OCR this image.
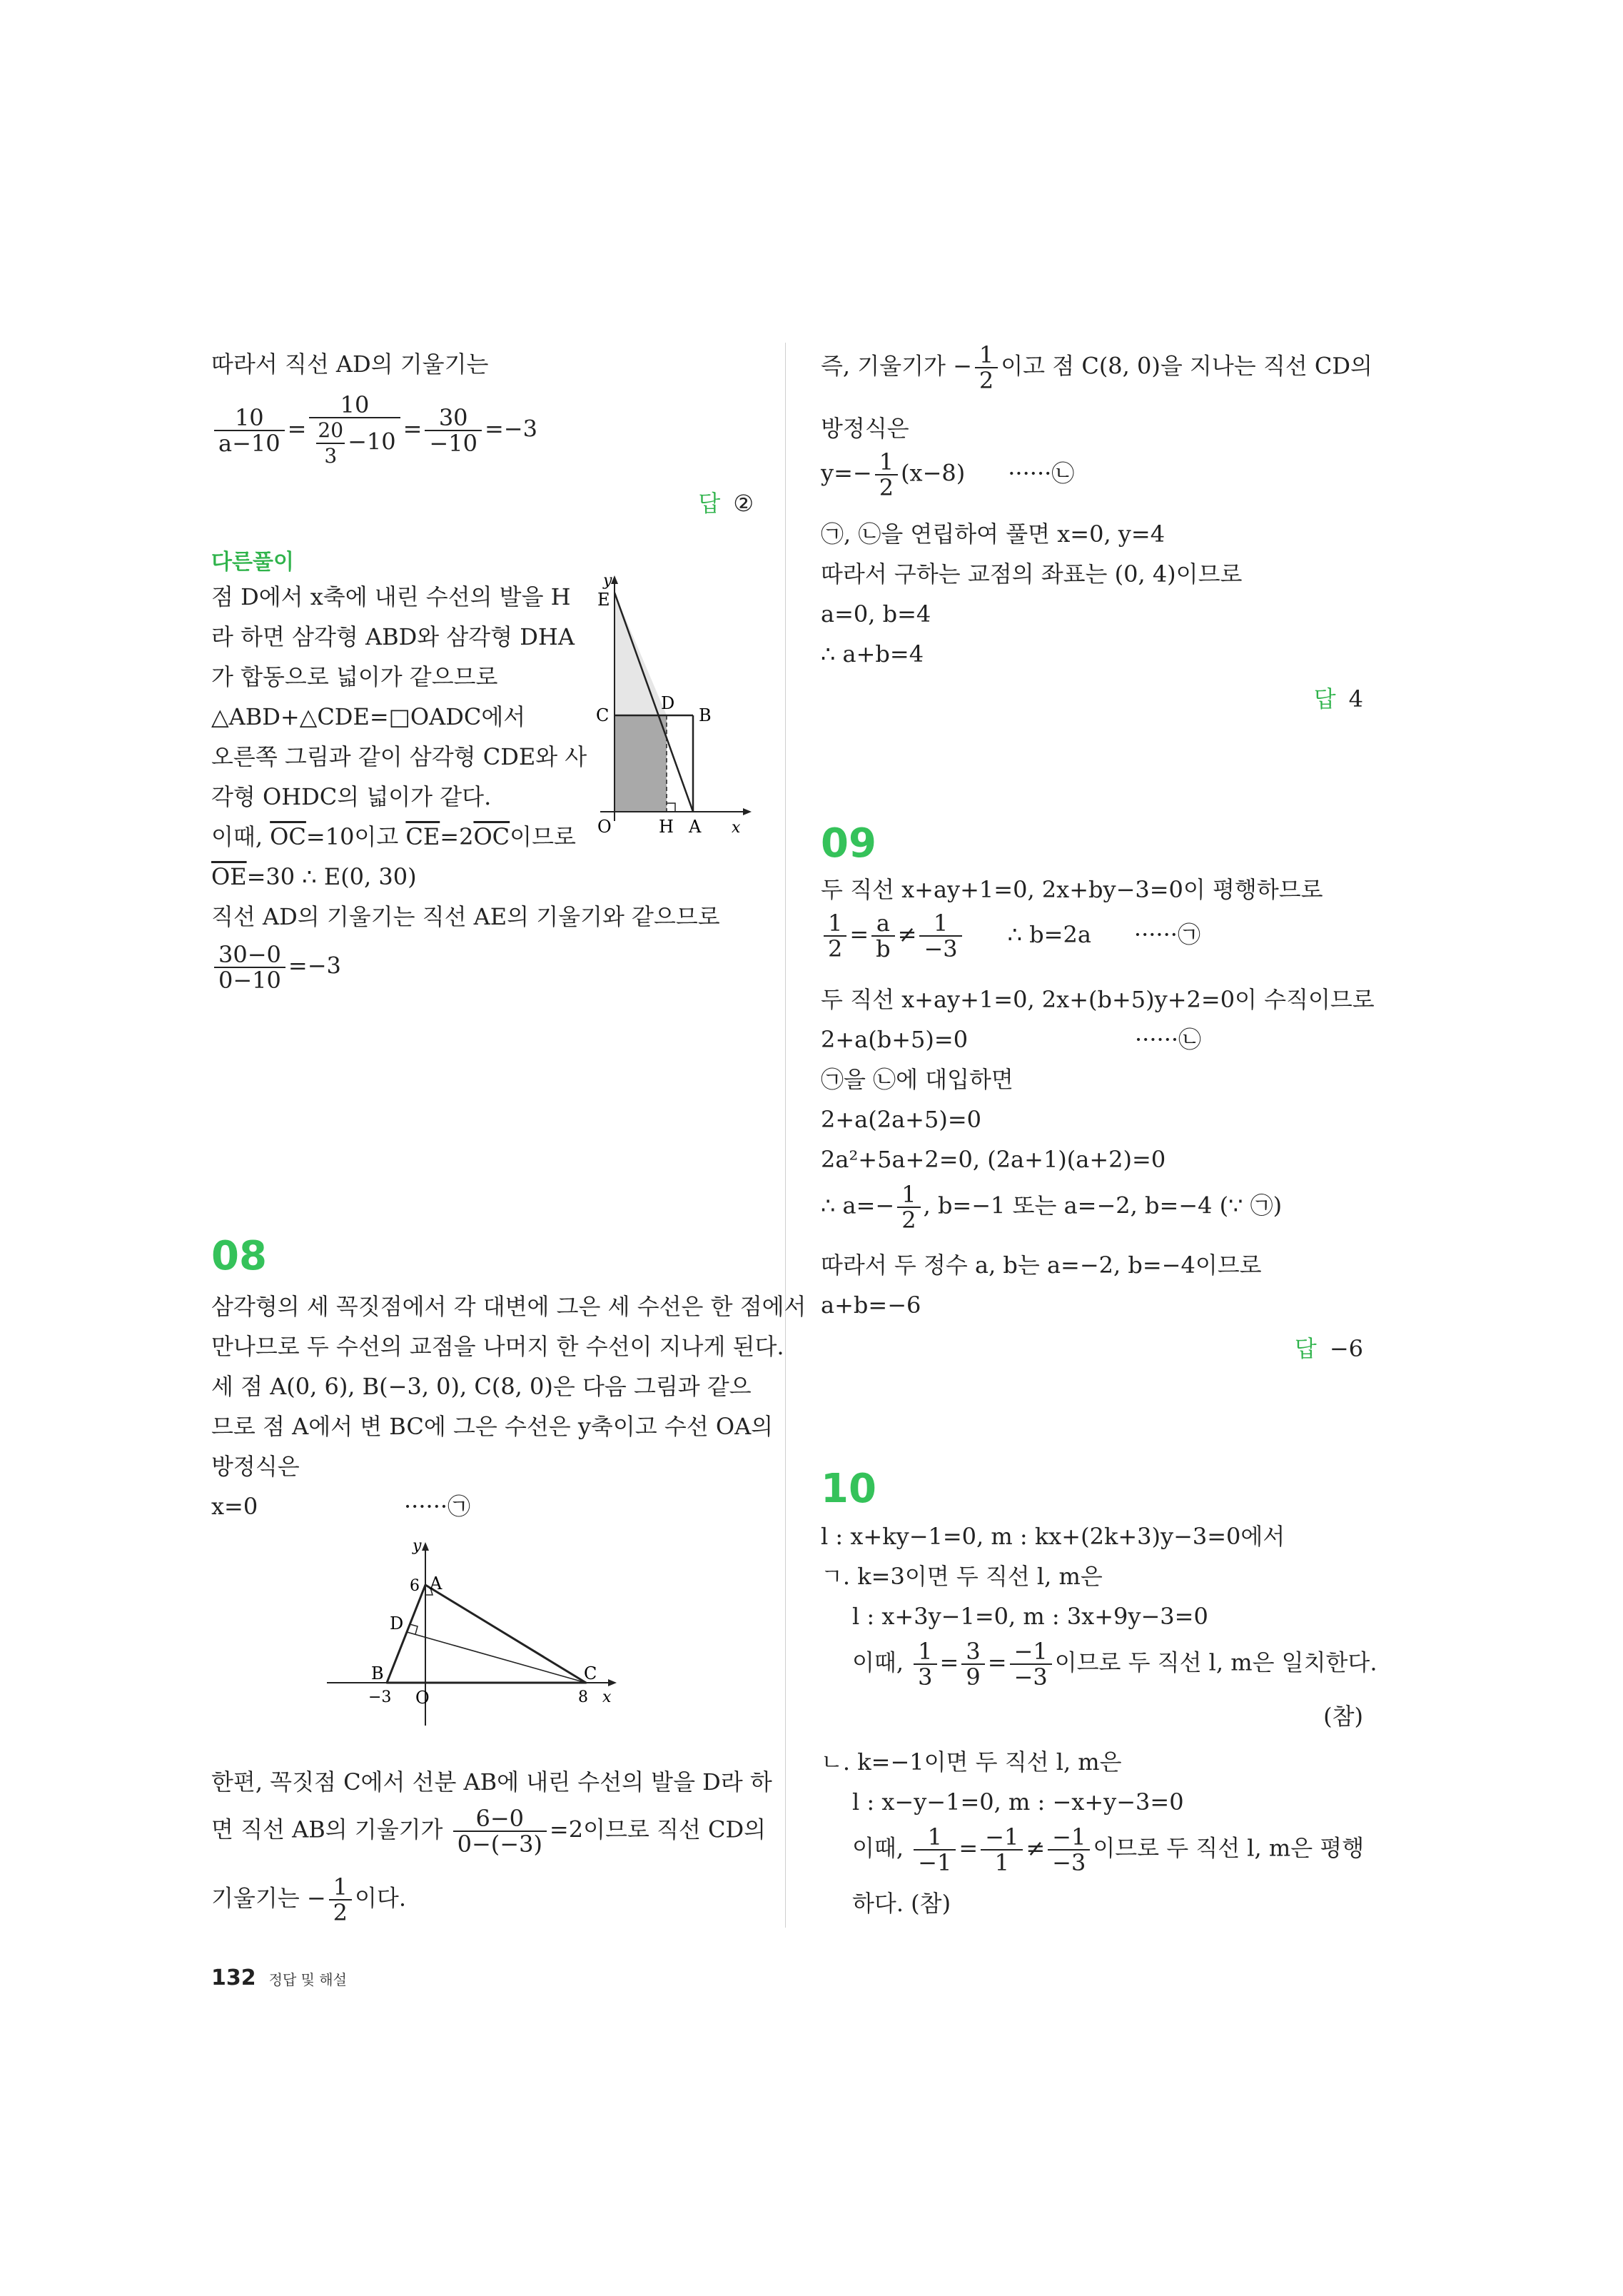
따라서 직선 AD의 기울기는
$\frac{10}{a-10} = \frac{10}{\frac{20}{3} -10} = \frac{30}{-10} =-3$
답 ②
다른풀이
점 D에서 x축에 내린 수선의 발을 H
라 하면 삼각형 ABD와 삼각형 DHA
가 합동으로 넓이가 같으므로
△ABD+△CDE=□OADC에서
오른쪽 그림과 같이 삼각형 CDE와 사
각형 OHDC의 넓이가 같다.
이때, $\overline{OC}=10$이고 $\overline{CE}=2\overline{OC}$이므로
$\overline{OE}=30$ ∴ E(0, 30)
직선 AD의 기울기는 직선 AE의 기울기와 같으므로
$\frac{30-0}{0-10} =-3$
y
E
C
D
B
O	H A x
08
삼각형의 세 꼭짓점에서 각 대변에 그은 세 수선은 한 점에서
만나므로 두 수선의 교점을 나머지 한 수선이 지나게 된다.
세 점 A(0, 6), B(−3, 0), C(8, 0)은 다음 그림과 같으
므로 점 A에서 변 BC에 그은 수선은 y축이고 수선 OA의
방정식은
x=0	······㉠
y
6 A
D
B	C
−3 O	8 x
한편, 꼭짓점 C에서 선분 AB에 내린 수선의 발을 D라 하
면 직선 AB의 기울기가 $\frac{6-0}{0-(-3)} =2$이므로 직선 CD의
기울기는 − $\frac{1}{2}$ 이다.
즉, 기울기가 − $\frac{1}{2}$ 이고 점 C(8, 0)을 지나는 직선 CD의
방정식은
$y=- \frac{1}{2} (x-8)$ ······㉡
㉠, ㉡을 연립하여 풀면 x=0, y=4
따라서 구하는 교점의 좌표는 (0, 4)이므로
a=0, b=4
∴ a+b=4
답 4
09
두 직선 x+ay+1=0, 2x+by−3=0이 평행하므로
$\frac{1}{2} = \frac{a}{b} \ne \frac{1}{-3}$ ∴ b=2a ······㉠
두 직선 x+ay+1=0, 2x+(b+5)y+2=0이 수직이므로
2+a(b+5)=0	······㉡
㉠을 ㉡에 대입하면
2+a(2a+5)=0
2a²+5a+2=0, (2a+1)(a+2)=0
∴ $a=- \frac{1}{2}$ , b=−1 또는 a=−2, b=−4 (∵ ㉠)
따라서 두 정수 a, b는 a=−2, b=−4이므로
a+b=−6
답 −6
10
l : x+ky−1=0, m : kx+(2k+3)y−3=0에서
ㄱ. k=3이면 두 직선 l, m은
l : x+3y−1=0, m : 3x+9y−3=0
이때, $\frac{1}{3} = \frac{3}{9} = \frac{-1}{-3}$ 이므로 두 직선 l, m은 일치한다.
(참)
ㄴ. k=−1이면 두 직선 l, m은
l : x−y−1=0, m : −x+y−3=0
이때, $\frac{1}{-1} = \frac{-1}{1} \ne \frac{-1}{-3}$ 이므로 두 직선 l, m은 평행
하다. (참)
132 정답 및 해설
